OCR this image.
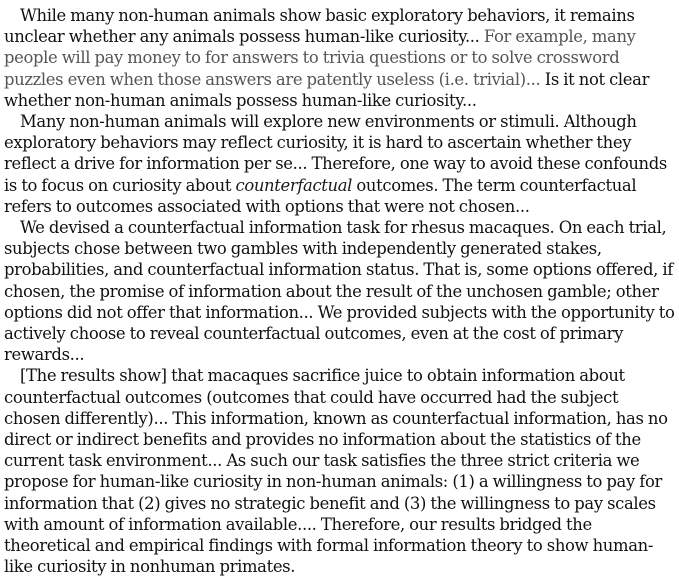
While many non-human animals show basic exploratory behaviors, it remains unclear whether any animals possess human-like curiosity... For example, many people will pay money to for answers to trivia questions or to solve crossword puzzles even when those answers are patently useless (i.e. trivial)... Is it not clear whether non-human animals possess human-like curiosity...

Many non-human animals will explore new environments or stimuli. Although exploratory behaviors may reflect curiosity, it is hard to ascertain whether they reflect a drive for information per se... Therefore, one way to avoid these confounds is to focus on curiosity about counterfactual outcomes. The term counterfactual refers to outcomes associated with options that were not chosen...

We devised a counterfactual information task for rhesus macaques. On each trial, subjects chose between two gambles with independently generated stakes, probabilities, and counterfactual information status. That is, some options offered, if chosen, the promise of information about the result of the unchosen gamble; other options did not offer that information... We provided subjects with the opportunity to actively choose to reveal counterfactual outcomes, even at the cost of primary rewards...

[The results show] that macaques sacrifice juice to obtain information about counterfactual outcomes (outcomes that could have occurred had the subject chosen differently)... This information, known as counterfactual information, has no direct or indirect benefits and provides no information about the statistics of the current task environment... As such our task satisfies the three strict criteria we propose for human-like curiosity in non-human animals: (1) a willingness to pay for information that (2) gives no strategic benefit and (3) the willingness to pay scales with amount of information available.... Therefore, our results bridged the theoretical and empirical findings with formal information theory to show human-like curiosity in nonhuman primates.
